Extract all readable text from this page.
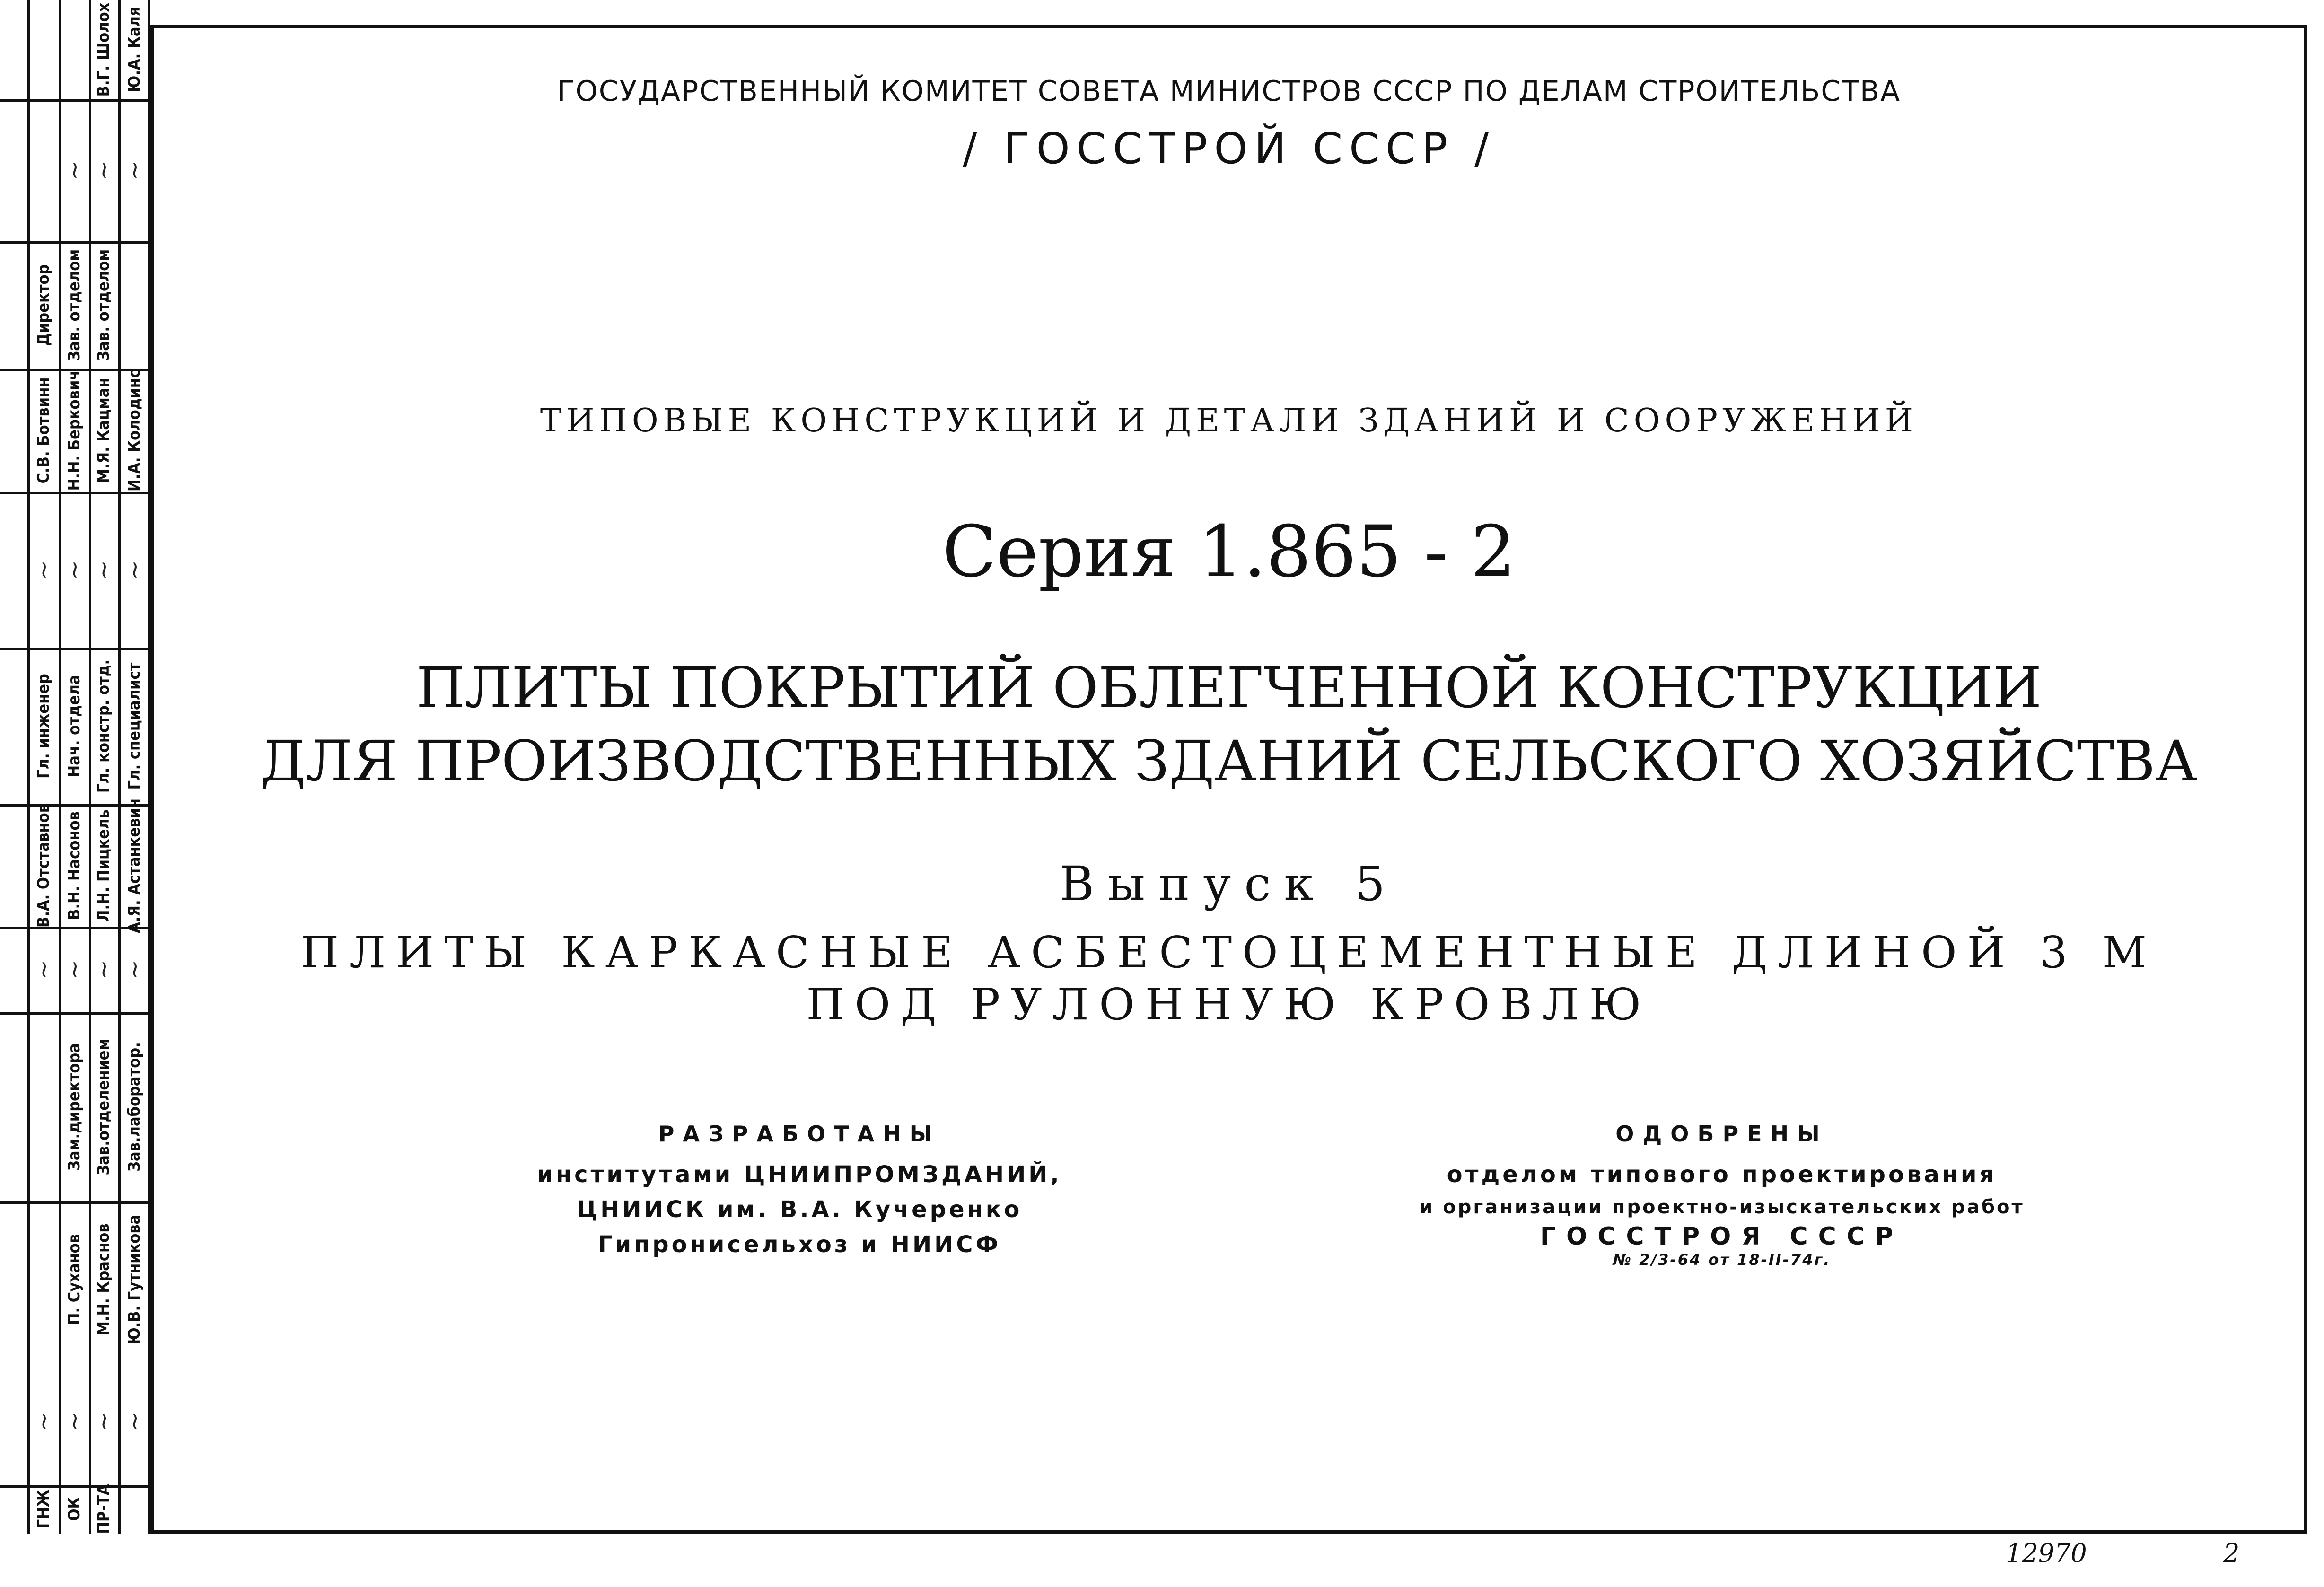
ГНЖ ОК ПР-ТА
П. Суханов М.Н. Краснов Ю.В. Гутникова
Зам.директора Зав.отделением Зав.лаборатор.
В.А. Отставнов В.Н. Насонов Л.Н. Пицкель А.Я. Астанкевич
Гл. инженер Нач. отдела Гл. констр. отд. Гл. специалист
С.В. Ботвинн Н.Н. Беркович М.Я. Кацман И.А. Колодинс
Директор Зав. отделом Зав. отделом
В.Г. Шолох Ю.А. Каля
~ ~ ~ ~
~ ~ ~ ~
~ ~ ~ ~
~ ~ ~
ГОСУДАРСТВЕННЫЙ КОМИТЕТ СОВЕТА МИНИСТРОВ СССР ПО ДЕЛАМ СТРОИТЕЛЬСТВА
/ ГОССТРОЙ СССР /
ТИПОВЫЕ КОНСТРУКЦИЙ И ДЕТАЛИ ЗДАНИЙ И СООРУЖЕНИЙ
Серия 1.865 - 2
ПЛИТЫ ПОКРЫТИЙ ОБЛЕГЧЕННОЙ КОНСТРУКЦИИ
ДЛЯ ПРОИЗВОДСТВЕННЫХ ЗДАНИЙ СЕЛЬСКОГО ХОЗЯЙСТВА
Выпуск 5
ПЛИТЫ КАРКАСНЫЕ АСБЕСТОЦЕМЕНТНЫЕ ДЛИНОЙ 3 М
ПОД РУЛОННУЮ КРОВЛЮ
РАЗРАБОТАНЫ
институтами ЦНИИПРОМЗДАНИЙ,
ЦНИИСК им. В.А. Кучеренко
Гипронисельхоз и НИИСФ
ОДОБРЕНЫ
отделом типового проектирования
и организации проектно-изыскательских работ
ГОССТРОЯ СССР
№ 2/3-64 от 18-II-74г.
12970	2
